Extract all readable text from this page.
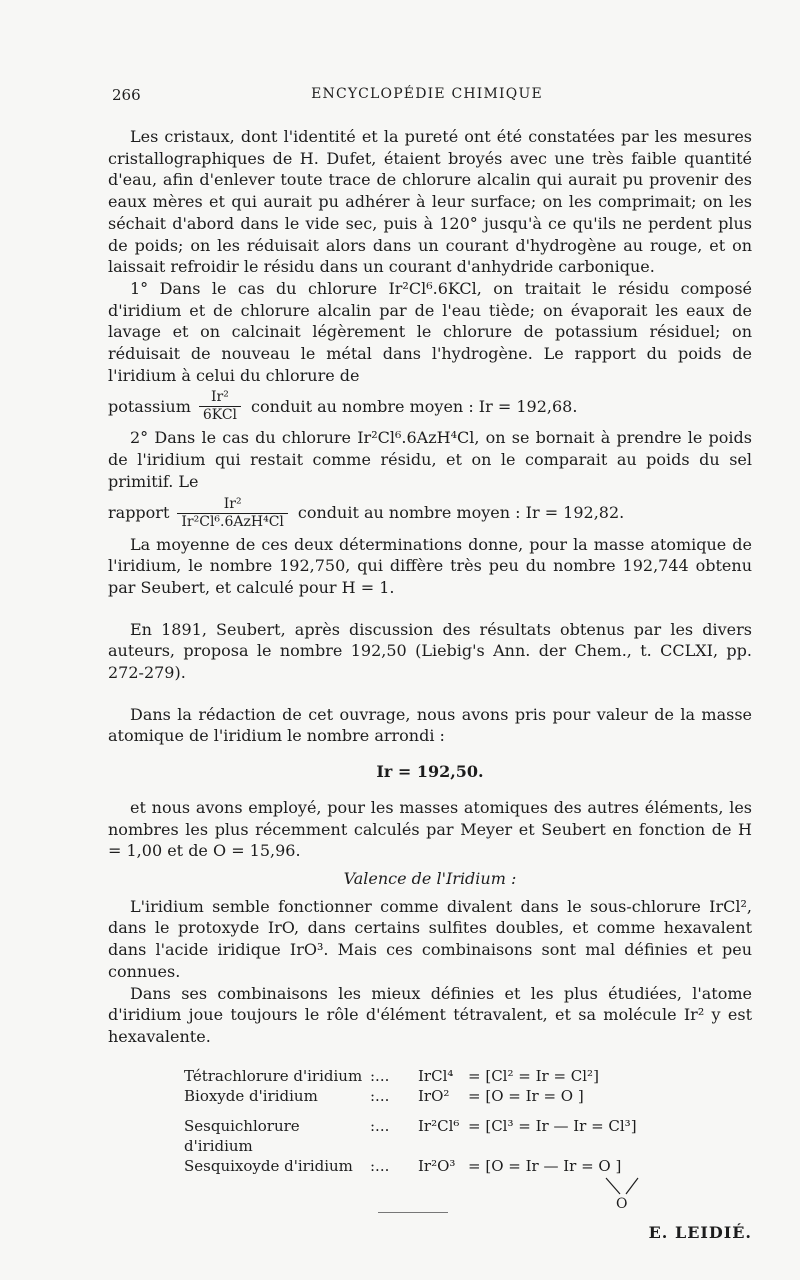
266	ENCYCLOPÉDIE CHIMIQUE

Les cristaux, dont l'identité et la pureté ont été constatées par les mesures cristallographiques de H. Dufet, étaient broyés avec une très faible quantité d'eau, afin d'enlever toute trace de chlorure alcalin qui aurait pu provenir des eaux mères et qui aurait pu adhérer à leur surface; on les comprimait; on les séchait d'abord dans le vide sec, puis à 120° jusqu'à ce qu'ils ne perdent plus de poids; on les réduisait alors dans un courant d'hydrogène au rouge, et on laissait refroidir le résidu dans un courant d'anhydride carbonique.

1° Dans le cas du chlorure Ir²Cl⁶.6KCl, on traitait le résidu composé d'iridium et de chlorure alcalin par de l'eau tiède; on évaporait les eaux de lavage et on calcinait légèrement le chlorure de potassium résiduel; on réduisait de nouveau le métal dans l'hydrogène. Le rapport du poids de l'iridium à celui du chlorure de

potassium $\frac{\text{Ir²}}{\text{6KCl}}$ conduit au nombre moyen : Ir = 192,68.

2° Dans le cas du chlorure Ir²Cl⁶.6AzH⁴Cl, on se bornait à prendre le poids de l'iridium qui restait comme résidu, et on le comparait au poids du sel primitif. Le

rapport $\frac{\text{Ir²}}{\text{Ir²Cl⁶.6AzH⁴Cl}}$ conduit au nombre moyen : Ir = 192,82.

La moyenne de ces deux déterminations donne, pour la masse atomique de l'iridium, le nombre 192,750, qui diffère très peu du nombre 192,744 obtenu par Seubert, et calculé pour H = 1.

En 1891, Seubert, après discussion des résultats obtenus par les divers auteurs, proposa le nombre 192,50 (Liebig's Ann. der Chem., t. CCLXI, pp. 272-279).

Dans la rédaction de cet ouvrage, nous avons pris pour valeur de la masse atomique de l'iridium le nombre arrondi :

Ir = 192,50.

et nous avons employé, pour les masses atomiques des autres éléments, les nombres les plus récemment calculés par Meyer et Seubert en fonction de H = 1,00 et de O = 15,96.

Valence de l'Iridium :

L'iridium semble fonctionner comme divalent dans le sous-chlorure IrCl², dans le protoxyde IrO, dans certains sulfites doubles, et comme hexavalent dans l'acide iridique IrO³. Mais ces combinaisons sont mal définies et peu connues.

Dans ses combinaisons les mieux définies et les plus étudiées, l'atome d'iridium joue toujours le rôle d'élément tétravalent, et sa molécule Ir² y est hexavalente.

Tétrachlorure d'iridium :...	IrCl⁴ = [Cl² = Ir = Cl²]
Bioxyde d'iridium	:...	IrO²	= [O = Ir = O ]
Sesquichlorure d'iridium
:...	Ir²Cl⁶ = [Cl³ = Ir — Ir = Cl³]
Sesquixoyde d'iridium	:...	Ir²O³ = [O = Ir — Ir = O ]
O
E. LEIDIÉ.
